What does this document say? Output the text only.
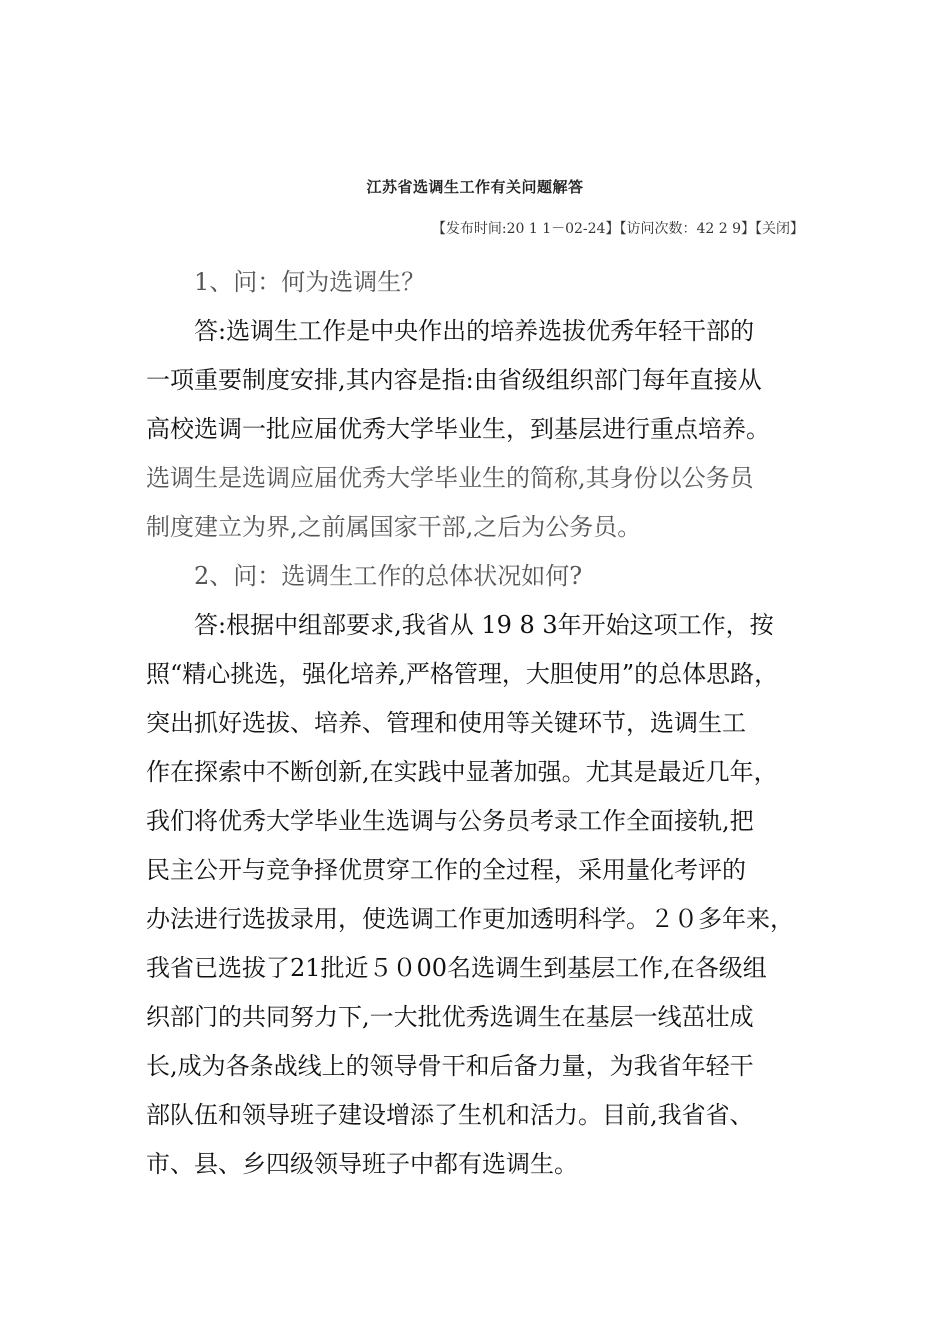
江苏省选调生工作有关问题解答
【发布时间:20 1 1－02-24】【访问次数：42 2 9】【关闭】
1、问：何为选调生？
答:选调生工作是中央作出的培养选拔优秀年轻干部的
一项重要制度安排,其内容是指:由省级组织部门每年直接从
高校选调一批应届优秀大学毕业生，到基层进行重点培养。
选调生是选调应届优秀大学毕业生的简称,其身份以公务员
制度建立为界,之前属国家干部,之后为公务员。
2、问：选调生工作的总体状况如何?
答:根据中组部要求,我省从 19 8 3年开始这项工作，按
照“精心挑选，强化培养,严格管理，大胆使用”的总体思路，
突出抓好选拔、培养、管理和使用等关键环节，选调生工
作在探索中不断创新,在实践中显著加强。尤其是最近几年，
我们将优秀大学毕业生选调与公务员考录工作全面接轨,把
民主公开与竞争择优贯穿工作的全过程，采用量化考评的
办法进行选拔录用，使选调工作更加透明科学。２０多年来，
我省已选拔了21批近５０00名选调生到基层工作,在各级组
织部门的共同努力下,一大批优秀选调生在基层一线茁壮成
长,成为各条战线上的领导骨干和后备力量，为我省年轻干
部队伍和领导班子建设增添了生机和活力。目前,我省省、
市、县、乡四级领导班子中都有选调生。
